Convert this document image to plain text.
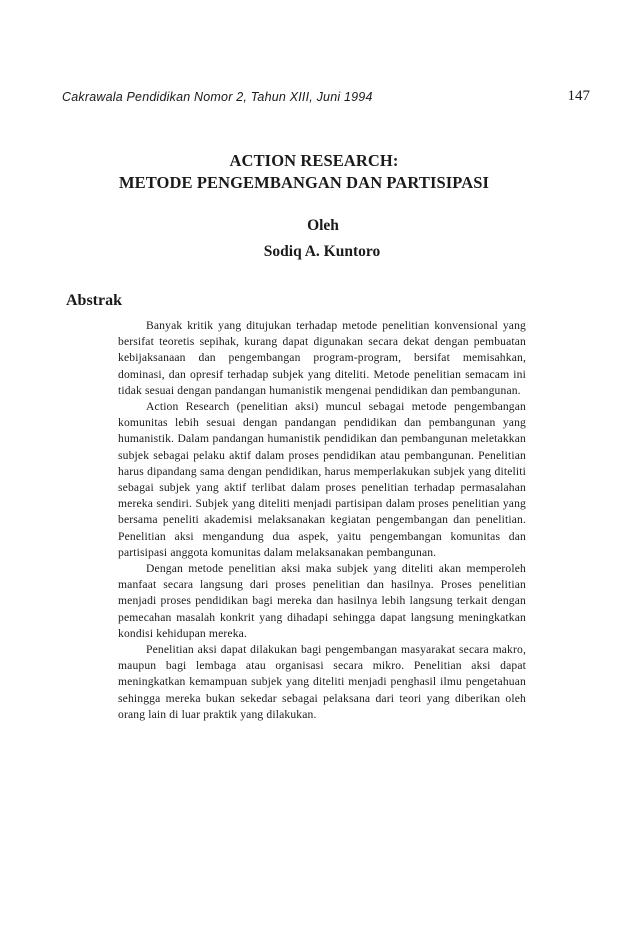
Cakrawala Pendidikan Nomor 2, Tahun XIII, Juni 1994	147
ACTION RESEARCH:
METODE PENGEMBANGAN DAN PARTISIPASI
Oleh
Sodiq A. Kuntoro
Abstrak

Banyak kritik yang ditujukan terhadap metode penelitian konvensional yang bersifat teoretis sepihak, kurang dapat digunakan secara dekat dengan pembuatan kebijaksanaan dan pengembangan program-program, bersifat memisahkan, dominasi, dan opresif terhadap subjek yang diteliti. Metode penelitian semacam ini tidak sesuai dengan pandangan humanistik mengenai pendidikan dan pembangunan.

Action Research (penelitian aksi) muncul sebagai metode pengembangan komunitas lebih sesuai dengan pandangan pendidikan dan pembangunan yang humanistik. Dalam pandangan humanistik pendidikan dan pembangunan meletakkan subjek sebagai pelaku aktif dalam proses pendidikan atau pembangunan. Penelitian harus dipandang sama dengan pendidikan, harus memperlakukan subjek yang diteliti sebagai subjek yang aktif terlibat dalam proses penelitian terhadap permasalahan mereka sendiri. Subjek yang diteliti menjadi partisipan dalam proses penelitian yang bersama peneliti akademisi melaksanakan kegiatan pengembangan dan penelitian. Penelitian aksi mengandung dua aspek, yaitu pengembangan komunitas dan partisipasi anggota komunitas dalam melaksanakan pembangunan.

Dengan metode penelitian aksi maka subjek yang diteliti akan memperoleh manfaat secara langsung dari proses penelitian dan hasilnya. Proses penelitian menjadi proses pendidikan bagi mereka dan hasilnya lebih langsung terkait dengan pemecahan masalah konkrit yang dihadapi sehingga dapat langsung meningkatkan kondisi kehidupan mereka.

Penelitian aksi dapat dilakukan bagi pengembangan masyarakat secara makro, maupun bagi lembaga atau organisasi secara mikro. Penelitian aksi dapat meningkatkan kemampuan subjek yang diteliti menjadi penghasil ilmu pengetahuan sehingga mereka bukan sekedar sebagai pelaksana dari teori yang diberikan oleh orang lain di luar praktik yang dilakukan.
